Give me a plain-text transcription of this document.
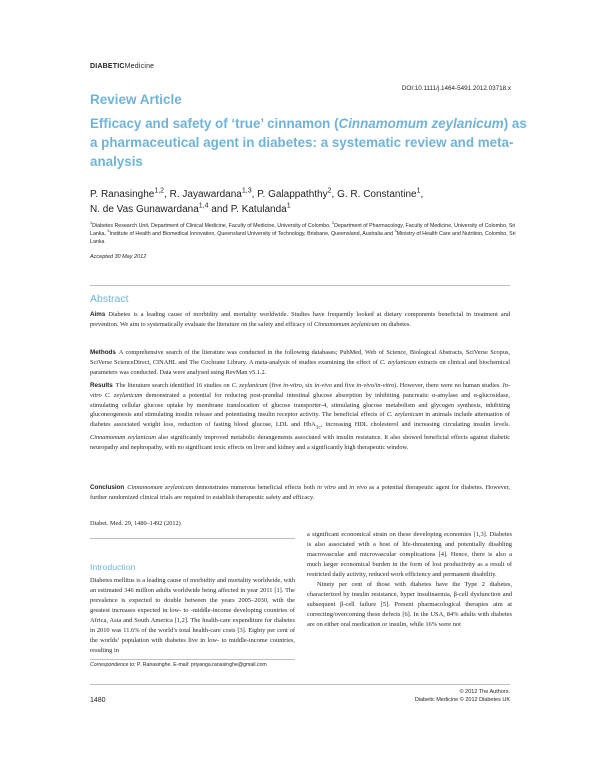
DIABETICMedicine
DOI:10.1111/j.1464-5491.2012.03718.x
Review Article
Efficacy and safety of ‘true’ cinnamon (Cinnamomum zeylanicum) as a pharmaceutical agent in diabetes: a systematic review and meta-analysis
P. Ranasinghe$^{1,2}$, R. Jayawardana$^{1,3}$, P. Galappaththy$^2$, G. R. Constantine$^1$,
N. de Vas Gunawardana$^{1,4}$ and P. Katulanda$^1$
$^1$Diabetes Research Unit, Department of Clinical Medicine, Faculty of Medicine, University of Colombo, $^2$Department of Pharmacology, Faculty of Medicine, University of Colombo, Sri Lanka, $^3$Institute of Health and Biomedical Innovation, Queensland University of Technology, Brisbane, Queensland, Australia and $^4$Ministry of Health Care and Nutrition, Colombo, Sri Lanka
Accepted 30 May 2012
Abstract
Aims Diabetes is a leading cause of morbidity and mortality worldwide. Studies have frequently looked at dietary components beneficial in treatment and prevention. We aim to systematically evaluate the literature on the safety and efficacy of Cinnamomum zeylanicum on diabetes.
Methods A comprehensive search of the literature was conducted in the following databases; PubMed, Web of Science, Biological Abstracts, SciVerse Scopus, SciVerse ScienceDirect, CINAHL and The Cochrane Library. A meta-analysis of studies examining the effect of C. zeylanicum extracts on clinical and biochemical parameters was conducted. Data were analysed using RevMan v5.1.2.
Results The literature search identified 16 studies on C. zeylanicum (five in-vitro, six in-vivo and five in-vivo/in-vitro). However, there were no human studies. In-vitro C. zeylanicum demonstrated a potential for reducing post-prandial intestinal glucose absorption by inhibiting pancreatic α-amylase and α-glucosidase, stimulating cellular glucose uptake by membrane translocation of glucose transporter-4, stimulating glucose metabolism and glycogen synthesis, inhibiting gluconeogenesis and stimulating insulin release and potentiating insulin receptor activity. The beneficial effects of C. zeylanicum in animals include attenuation of diabetes associated weight loss, reduction of fasting blood glucose, LDL and HbA$_{1c}$, increasing HDL cholesterol and increasing circulating insulin levels. Cinnamomum zeylanicum also significantly improved metabolic derangements associated with insulin resistance. It also showed beneficial effects against diabetic neuropathy and nephropathy, with no significant toxic effects on liver and kidney and a significantly high therapeutic window.
Conclusion Cinnamomum zeylanicum demonstrates numerous beneficial effects both in vitro and in vivo as a potential therapeutic agent for diabetes. However, further randomized clinical trials are required to establish therapeutic safety and efficacy.
Diabet. Med. 29, 1480–1492 (2012)
Introduction
Diabetes mellitus is a leading cause of morbidity and mortality worldwide, with an estimated 346 million adults worldwide being affected in year 2011 [1]. The prevalence is expected to double between the years 2005–2030, with the greatest increases expected in low- to -middle-income developing countries of Africa, Asia and South America [1,2]. The health-care expenditure for diabetes in 2010 was 11.6% of the world’s total health-care costs [3]. Eighty per cent of the worlds’ population with diabetes live in low- to middle-income countries, resulting in

a significant economical strain on these developing economies [1,3]. Diabetes is also associated with a host of life-threatening and potentially disabling macrovascular and microvascular complications [4]. Hence, there is also a much larger economical burden in the form of lost productivity as a result of restricted daily activity, reduced work efficiency and permanent disability.

Ninety per cent of those with diabetes have the Type 2 diabetes, characterized by insulin resistance, hyper insulinaemia, β-cell dysfunction and subsequent β-cell failure [5]. Present pharmacological therapies aim at correcting/overcoming these defects [6]. In the USA, 84% adults with diabetes are on either oral medication or insulin, while 16% were not

Correspondence to: P. Ranasinghe. E-mail: priyanga.ranasinghe@gmail.com
1480
© 2012 The Authors.
Diabetic Medicine © 2012 Diabetes UK
